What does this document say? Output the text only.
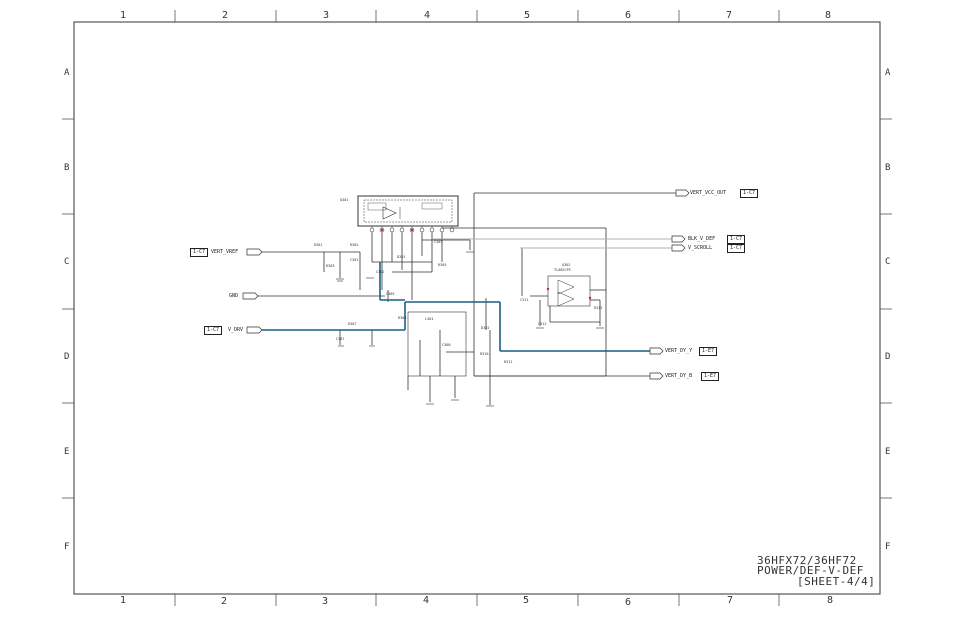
1	2	3	4	5	6	7	8
1	2	3	4	5	6	7	8
A
B
C
D
E
F
A
B
C
D
E
F
1-C7	VERT_VREF
GND
1-C7	V_DRV
VERT_VCC_OUT	1-C7
BLK_V_DEF	1-C7
V_SCROLL	1-C7
VERT_DY_Y	1-E7
VERT_DY_B	1-E7
Q301
Q302
TL082CPS
R301	R302
R303
C301
C302
C303
D301
R305
C305
L301
R307
C307
R308
C308
D302
R310
R311
C311
R312
C312
36HFX72/36HF72
POWER/DEF-V-DEF
[SHEET-4/4]
